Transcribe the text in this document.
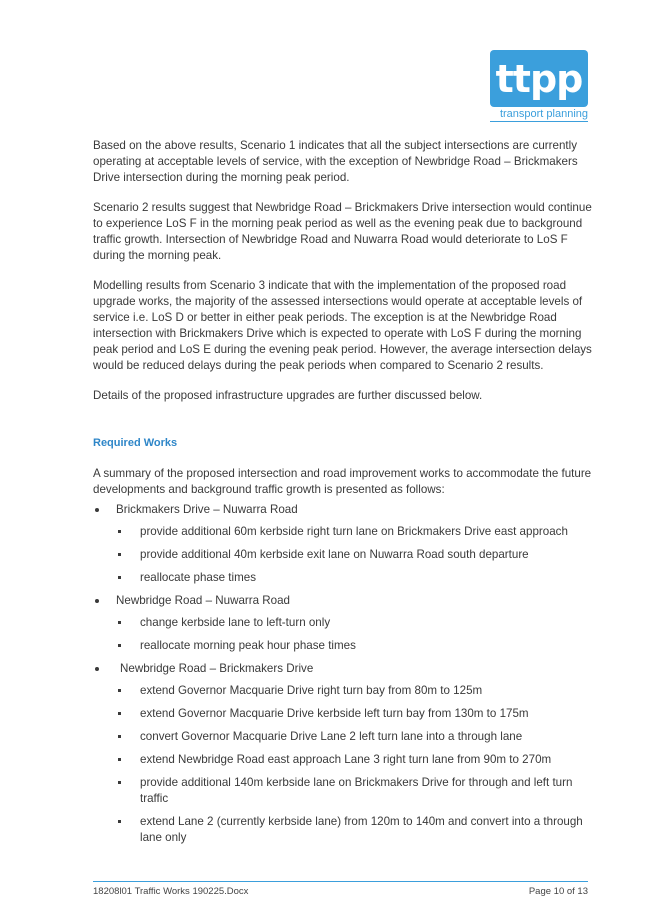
ttpp
transport planning

Based on the above results, Scenario 1 indicates that all the subject intersections are currently operating at acceptable levels of service, with the exception of Newbridge Road – Brickmakers Drive intersection during the morning peak period.

Scenario 2 results suggest that Newbridge Road – Brickmakers Drive intersection would continue to experience LoS F in the morning peak period as well as the evening peak due to background traffic growth. Intersection of Newbridge Road and Nuwarra Road would deteriorate to LoS F during the morning peak.

Modelling results from Scenario 3 indicate that with the implementation of the proposed road upgrade works, the majority of the assessed intersections would operate at acceptable levels of service i.e. LoS D or better in either peak periods. The exception is at the Newbridge Road intersection with Brickmakers Drive which is expected to operate with LoS F during the morning peak period and LoS E during the evening peak period. However, the average intersection delays would be reduced delays during the peak periods when compared to Scenario 2 results.

Details of the proposed infrastructure upgrades are further discussed below.

Required Works

A summary of the proposed intersection and road improvement works to accommodate the future developments and background traffic growth is presented as follows:

Brickmakers Drive – Nuwarra Road
provide additional 60m kerbside right turn lane on Brickmakers Drive east approach
provide additional 40m kerbside exit lane on Nuwarra Road south departure
reallocate phase times
Newbridge Road – Nuwarra Road
change kerbside lane to left-turn only
reallocate morning peak hour phase times
Newbridge Road – Brickmakers Drive
extend Governor Macquarie Drive right turn bay from 80m to 125m
extend Governor Macquarie Drive kerbside left turn bay from 130m to 175m
convert Governor Macquarie Drive Lane 2 left turn lane into a through lane
extend Newbridge Road east approach Lane 3 right turn lane from 90m to 270m
provide additional 140m kerbside lane on Brickmakers Drive for through and left turn traffic
extend Lane 2 (currently kerbside lane) from 120m to 140m and convert into a through lane only
18208l01 Traffic Works 190225.Docx	Page 10 of 13
